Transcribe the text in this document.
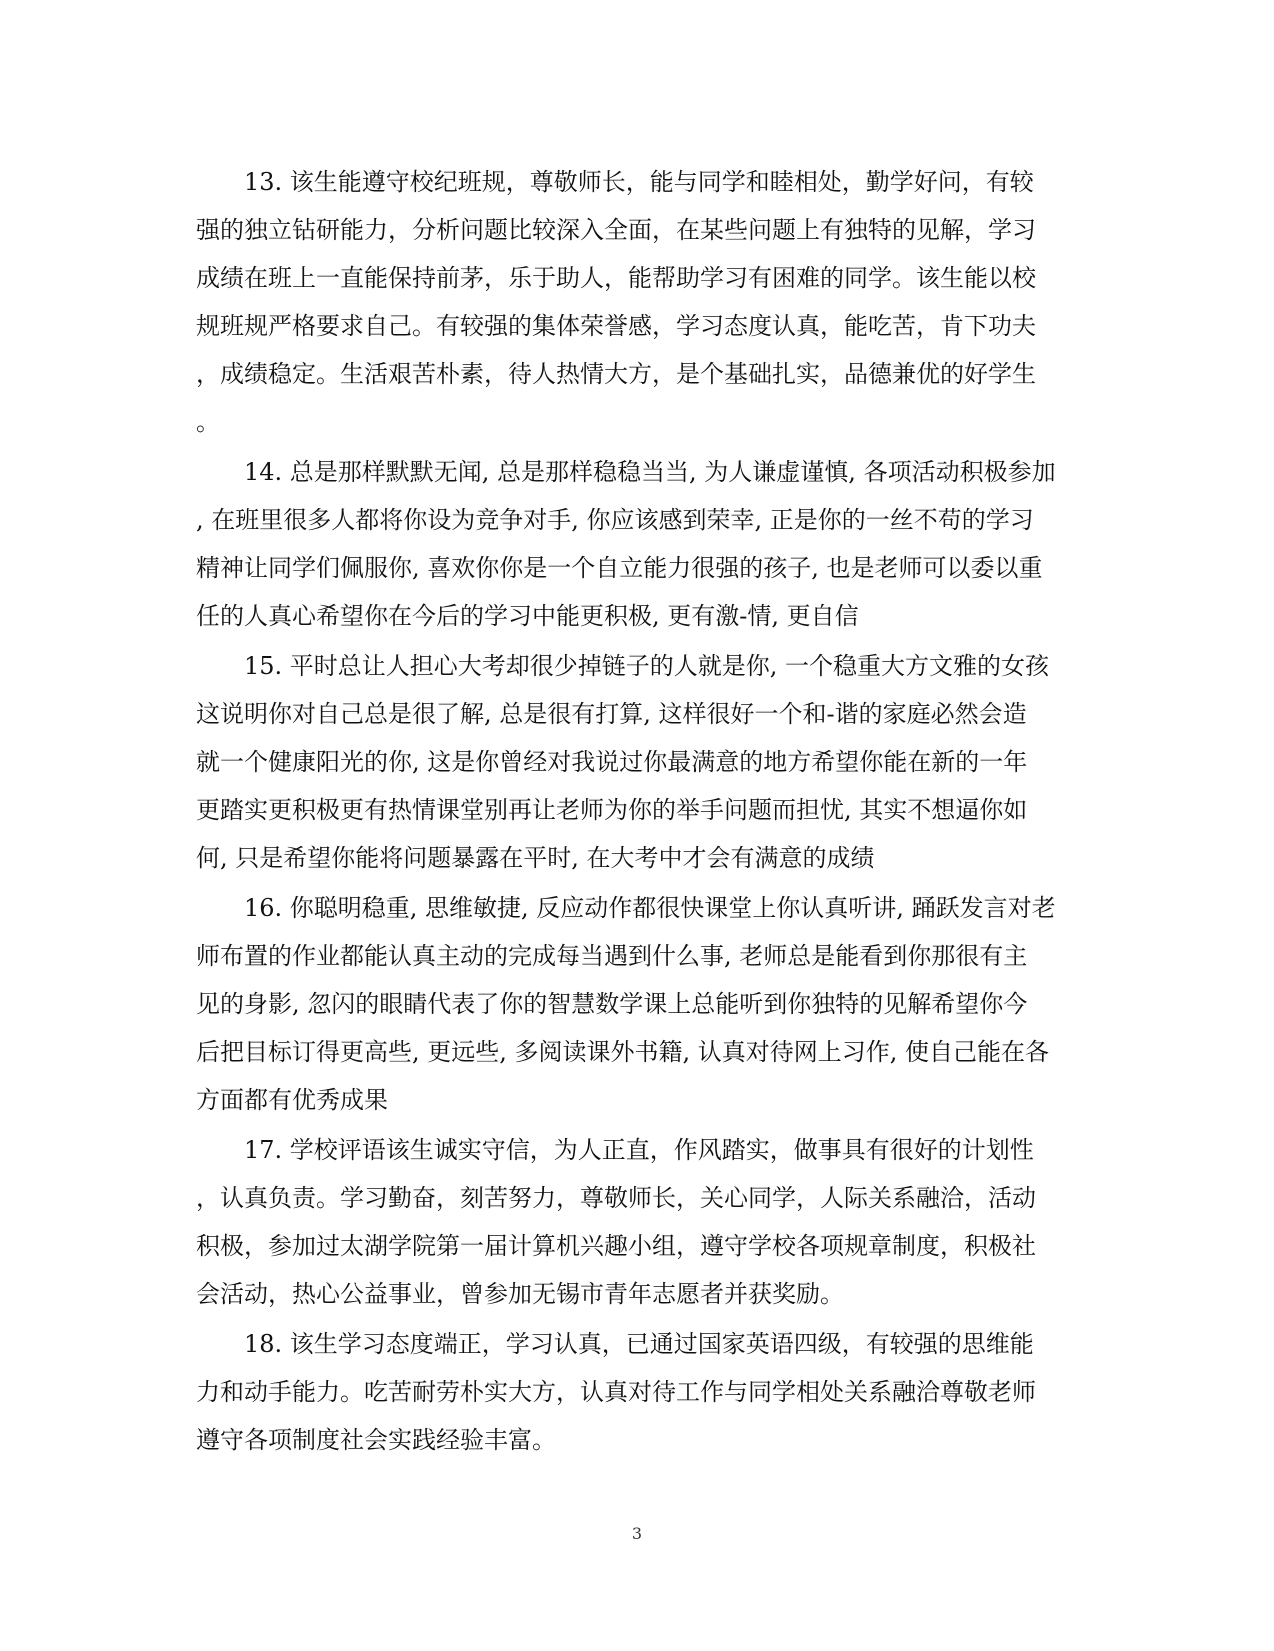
13. 该生能遵守校纪班规，尊敬师长，能与同学和睦相处，勤学好问，有较
强的独立钻研能力，分析问题比较深入全面，在某些问题上有独特的见解，学习
成绩在班上一直能保持前茅，乐于助人，能帮助学习有困难的同学。该生能以校
规班规严格要求自己。有较强的集体荣誉感，学习态度认真，能吃苦，肯下功夫
，成绩稳定。生活艰苦朴素，待人热情大方，是个基础扎实，品德兼优的好学生
。
14. 总是那样默默无闻, 总是那样稳稳当当, 为人谦虚谨慎, 各项活动积极参加
, 在班里很多人都将你设为竞争对手, 你应该感到荣幸, 正是你的一丝不苟的学习
精神让同学们佩服你, 喜欢你你是一个自立能力很强的孩子, 也是老师可以委以重
任的人真心希望你在今后的学习中能更积极, 更有激-情, 更自信
15. 平时总让人担心大考却很少掉链子的人就是你, 一个稳重大方文雅的女孩
这说明你对自己总是很了解, 总是很有打算, 这样很好一个和-谐的家庭必然会造
就一个健康阳光的你, 这是你曾经对我说过你最满意的地方希望你能在新的一年
更踏实更积极更有热情课堂别再让老师为你的举手问题而担忧, 其实不想逼你如
何, 只是希望你能将问题暴露在平时, 在大考中才会有满意的成绩
16. 你聪明稳重, 思维敏捷, 反应动作都很快课堂上你认真听讲, 踊跃发言对老
师布置的作业都能认真主动的完成每当遇到什么事, 老师总是能看到你那很有主
见的身影, 忽闪的眼睛代表了你的智慧数学课上总能听到你独特的见解希望你今
后把目标订得更高些, 更远些, 多阅读课外书籍, 认真对待网上习作, 使自己能在各
方面都有优秀成果
17. 学校评语该生诚实守信，为人正直，作风踏实，做事具有很好的计划性
，认真负责。学习勤奋，刻苦努力，尊敬师长，关心同学，人际关系融洽，活动
积极，参加过太湖学院第一届计算机兴趣小组，遵守学校各项规章制度，积极社
会活动，热心公益事业，曾参加无锡市青年志愿者并获奖励。
18. 该生学习态度端正，学习认真，已通过国家英语四级，有较强的思维能
力和动手能力。吃苦耐劳朴实大方，认真对待工作与同学相处关系融洽尊敬老师
遵守各项制度社会实践经验丰富。
3
